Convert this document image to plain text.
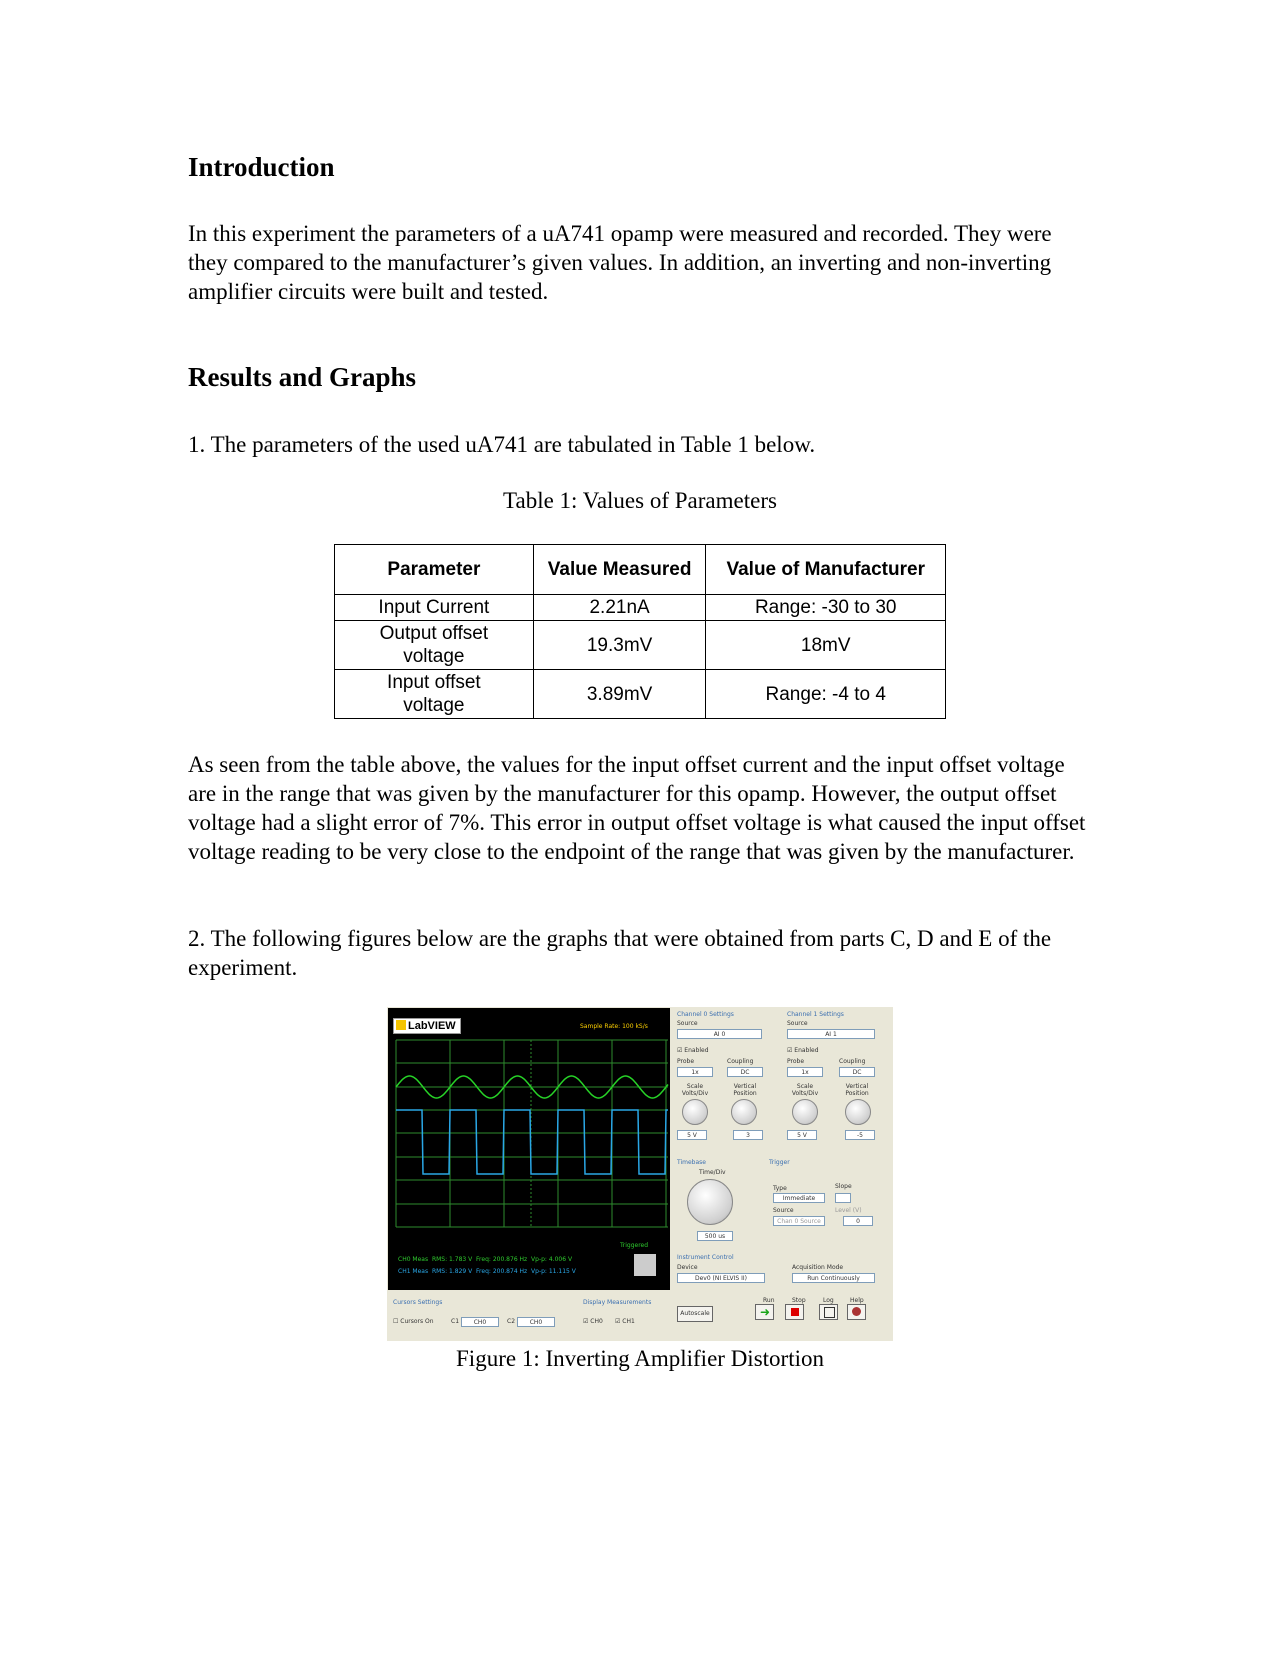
Introduction

In this experiment the parameters of a uA741 opamp were measured and recorded. They were they compared to the manufacturer’s given values. In addition, an inverting and non-inverting amplifier circuits were built and tested.

Results and Graphs

1. The parameters of the used uA741 are tabulated in Table 1 below.

Table 1: Values of Parameters
Parameter	Value Measured	Value of Manufacturer
Input Current	2.21nA	Range: -30 to 30
Output offset voltage	19.3mV	18mV
Input offset voltage	3.89mV	Range: -4 to 4

As seen from the table above, the values for the input offset current and the input offset voltage are in the range that was given by the manufacturer for this opamp. However, the output offset voltage had a slight error of 7%. This error in output offset voltage is what caused the input offset voltage reading to be very close to the endpoint of the range that was given by the manufacturer.

2. The following figures below are the graphs that were obtained from parts C, D and E of the experiment.

LabVIEW	Sample Rate: 100 kS/s
Triggered
CH0 Meas RMS: 1.783 V Freq: 200.876 Hz Vp-p: 4.006 V
CH1 Meas RMS: 1.829 V Freq: 200.874 Hz Vp-p: 11.115 V
Cursors Settings
☐ Cursors On	C1	CH0	C2	CH0
Display Measurements
☑ CH0 ☑ CH1
Channel 0 Settings
Source
AI 0
☑ Enabled
Probe
1x
Coupling
DC
Scale Volts/Div
Vertical Position
5 V	3
Channel 1 Settings
Source
AI 1
☑ Enabled
Probe
1x
Coupling
DC
Scale Volts/Div
Vertical Position
5 V	-5
Timebase
Time/Div
500 us
Trigger
Type
Immediate
Slope
Source
Chan 0 Source
Level (V)
0
Instrument Control
Device
Dev0 (NI ELVIS II)
Acquisition Mode
Run Continuously
Autoscale
Run
➜
Stop	Log	Help
Figure 1: Inverting Amplifier Distortion
